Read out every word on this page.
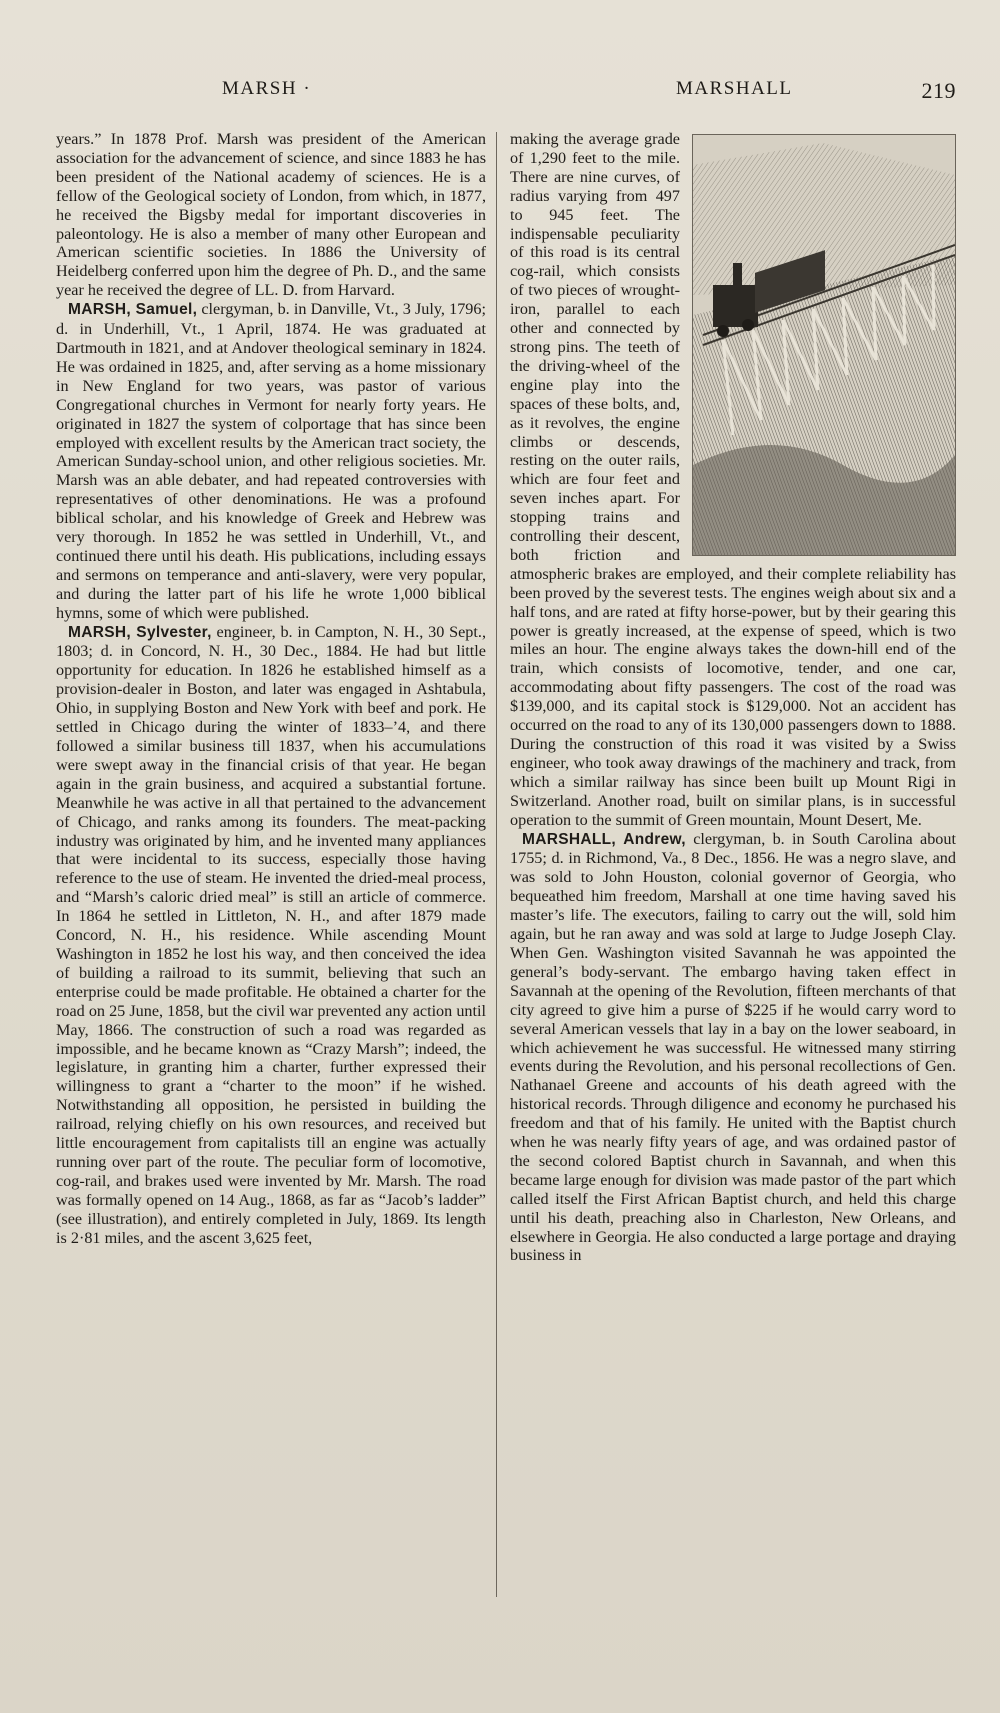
MARSH ·	MARSHALL	219

years.” In 1878 Prof. Marsh was president of the American association for the advancement of science, and since 1883 he has been president of the National academy of sciences. He is a fellow of the Geological society of London, from which, in 1877, he received the Bigsby medal for important discoveries in paleontology. He is also a member of many other European and American scientific societies. In 1886 the University of Heidelberg conferred upon him the degree of Ph. D., and the same year he received the degree of LL. D. from Harvard.

MARSH, Samuel, clergyman, b. in Danville, Vt., 3 July, 1796; d. in Underhill, Vt., 1 April, 1874. He was graduated at Dartmouth in 1821, and at Andover theological seminary in 1824. He was ordained in 1825, and, after serving as a home missionary in New England for two years, was pastor of various Congregational churches in Vermont for nearly forty years. He originated in 1827 the system of colportage that has since been employed with excellent results by the American tract society, the American Sunday-school union, and other religious societies. Mr. Marsh was an able debater, and had repeated controversies with representatives of other denominations. He was a profound biblical scholar, and his knowledge of Greek and Hebrew was very thorough. In 1852 he was settled in Underhill, Vt., and continued there until his death. His publications, including essays and sermons on temperance and anti-slavery, were very popular, and during the latter part of his life he wrote 1,000 biblical hymns, some of which were published.

MARSH, Sylvester, engineer, b. in Campton, N. H., 30 Sept., 1803; d. in Concord, N. H., 30 Dec., 1884. He had but little opportunity for education. In 1826 he established himself as a provision-dealer in Boston, and later was engaged in Ashtabula, Ohio, in supplying Boston and New York with beef and pork. He settled in Chicago during the winter of 1833–’4, and there followed a similar business till 1837, when his accumulations were swept away in the financial crisis of that year. He began again in the grain business, and acquired a substantial fortune. Meanwhile he was active in all that pertained to the advancement of Chicago, and ranks among its founders. The meat-packing industry was originated by him, and he invented many appliances that were incidental to its success, especially those having reference to the use of steam. He invented the dried-meal process, and “Marsh’s caloric dried meal” is still an article of commerce. In 1864 he settled in Littleton, N. H., and after 1879 made Concord, N. H., his residence. While ascending Mount Washington in 1852 he lost his way, and then conceived the idea of building a railroad to its summit, believing that such an enterprise could be made profitable. He obtained a charter for the road on 25 June, 1858, but the civil war prevented any action until May, 1866. The construction of such a road was regarded as impossible, and he became known as “Crazy Marsh”; indeed, the legislature, in granting him a charter, further expressed their willingness to grant a “charter to the moon” if he wished. Notwithstanding all opposition, he persisted in building the railroad, relying chiefly on his own resources, and received but little encouragement from capitalists till an engine was actually running over part of the route. The peculiar form of locomotive, cog-rail, and brakes used were invented by Mr. Marsh. The road was formally opened on 14 Aug., 1868, as far as “Jacob’s ladder” (see illustration), and entirely completed in July, 1869. Its length is 2·81 miles, and the ascent 3,625 feet,

making the average grade of 1,290 feet to the mile. There are nine curves, of radius varying from 497 to 945 feet. The indispensable peculiarity of this road is its central cog-rail, which consists of two pieces of wrought-iron, parallel to each other and connected by strong pins. The teeth of the driving-wheel of the engine play into the spaces of these bolts, and, as it revolves, the engine climbs or descends, resting on the outer rails, which are four feet and seven inches apart. For stopping trains and controlling their descent, both friction and atmospheric brakes are employed, and their complete reliability has been proved by the severest tests. The engines weigh about six and a half tons, and are rated at fifty horse-power, but by their gearing this power is greatly increased, at the expense of speed, which is two miles an hour. The engine always takes the down-hill end of the train, which consists of locomotive, tender, and one car, accommodating about fifty passengers. The cost of the road was $139,000, and its capital stock is $129,000. Not an accident has occurred on the road to any of its 130,000 passengers down to 1888. During the construction of this road it was visited by a Swiss engineer, who took away drawings of the machinery and track, from which a similar railway has since been built up Mount Rigi in Switzerland. Another road, built on similar plans, is in successful operation to the summit of Green mountain, Mount Desert, Me.

MARSHALL, Andrew, clergyman, b. in South Carolina about 1755; d. in Richmond, Va., 8 Dec., 1856. He was a negro slave, and was sold to John Houston, colonial governor of Georgia, who bequeathed him freedom, Marshall at one time having saved his master’s life. The executors, failing to carry out the will, sold him again, but he ran away and was sold at large to Judge Joseph Clay. When Gen. Washington visited Savannah he was appointed the general’s body-servant. The embargo having taken effect in Savannah at the opening of the Revolution, fifteen merchants of that city agreed to give him a purse of $225 if he would carry word to several American vessels that lay in a bay on the lower seaboard, in which achievement he was successful. He witnessed many stirring events during the Revolution, and his personal recollections of Gen. Nathanael Greene and accounts of his death agreed with the historical records. Through diligence and economy he purchased his freedom and that of his family. He united with the Baptist church when he was nearly fifty years of age, and was ordained pastor of the second colored Baptist church in Savannah, and when this became large enough for division was made pastor of the part which called itself the First African Baptist church, and held this charge until his death, preaching also in Charleston, New Orleans, and elsewhere in Georgia. He also conducted a large portage and draying business in
